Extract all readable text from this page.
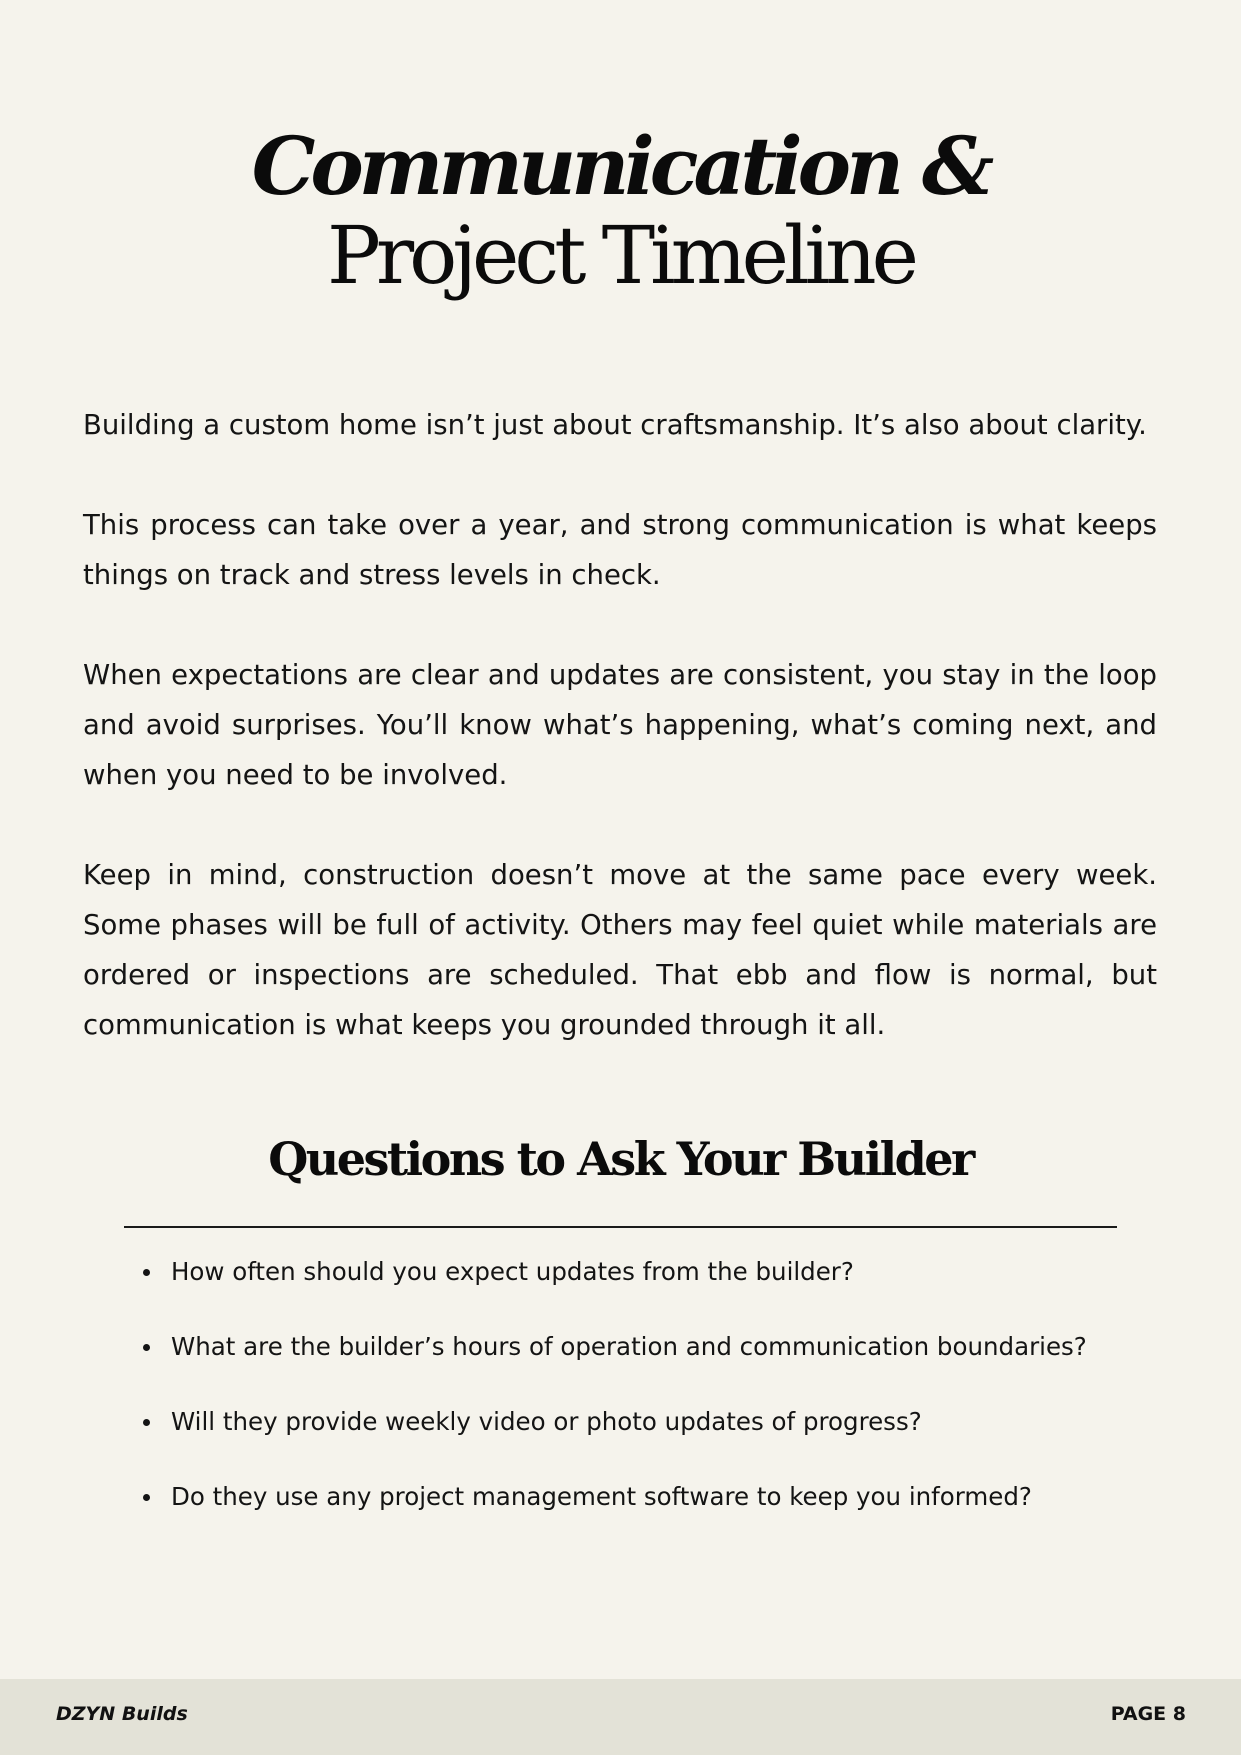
Communication &
Project Timeline

Building a custom home isn’t just about craftsmanship. It’s also about clarity.

This process can take over a year, and strong communication is what keeps things on track and stress levels in check.

When expectations are clear and updates are consistent, you stay in the loop and avoid surprises. You’ll know what’s happening, what’s coming next, and when you need to be involved.

Keep in mind, construction doesn’t move at the same pace every week. Some phases will be full of activity. Others may feel quiet while materials are ordered or inspections are scheduled. That ebb and flow is normal, but communication is what keeps you grounded through it all.

Questions to Ask Your Builder
How often should you expect updates from the builder?
What are the builder’s hours of operation and communication boundaries?
Will they provide weekly video or photo updates of progress?
Do they use any project management software to keep you informed?
DZYN Builds	PAGE 8
